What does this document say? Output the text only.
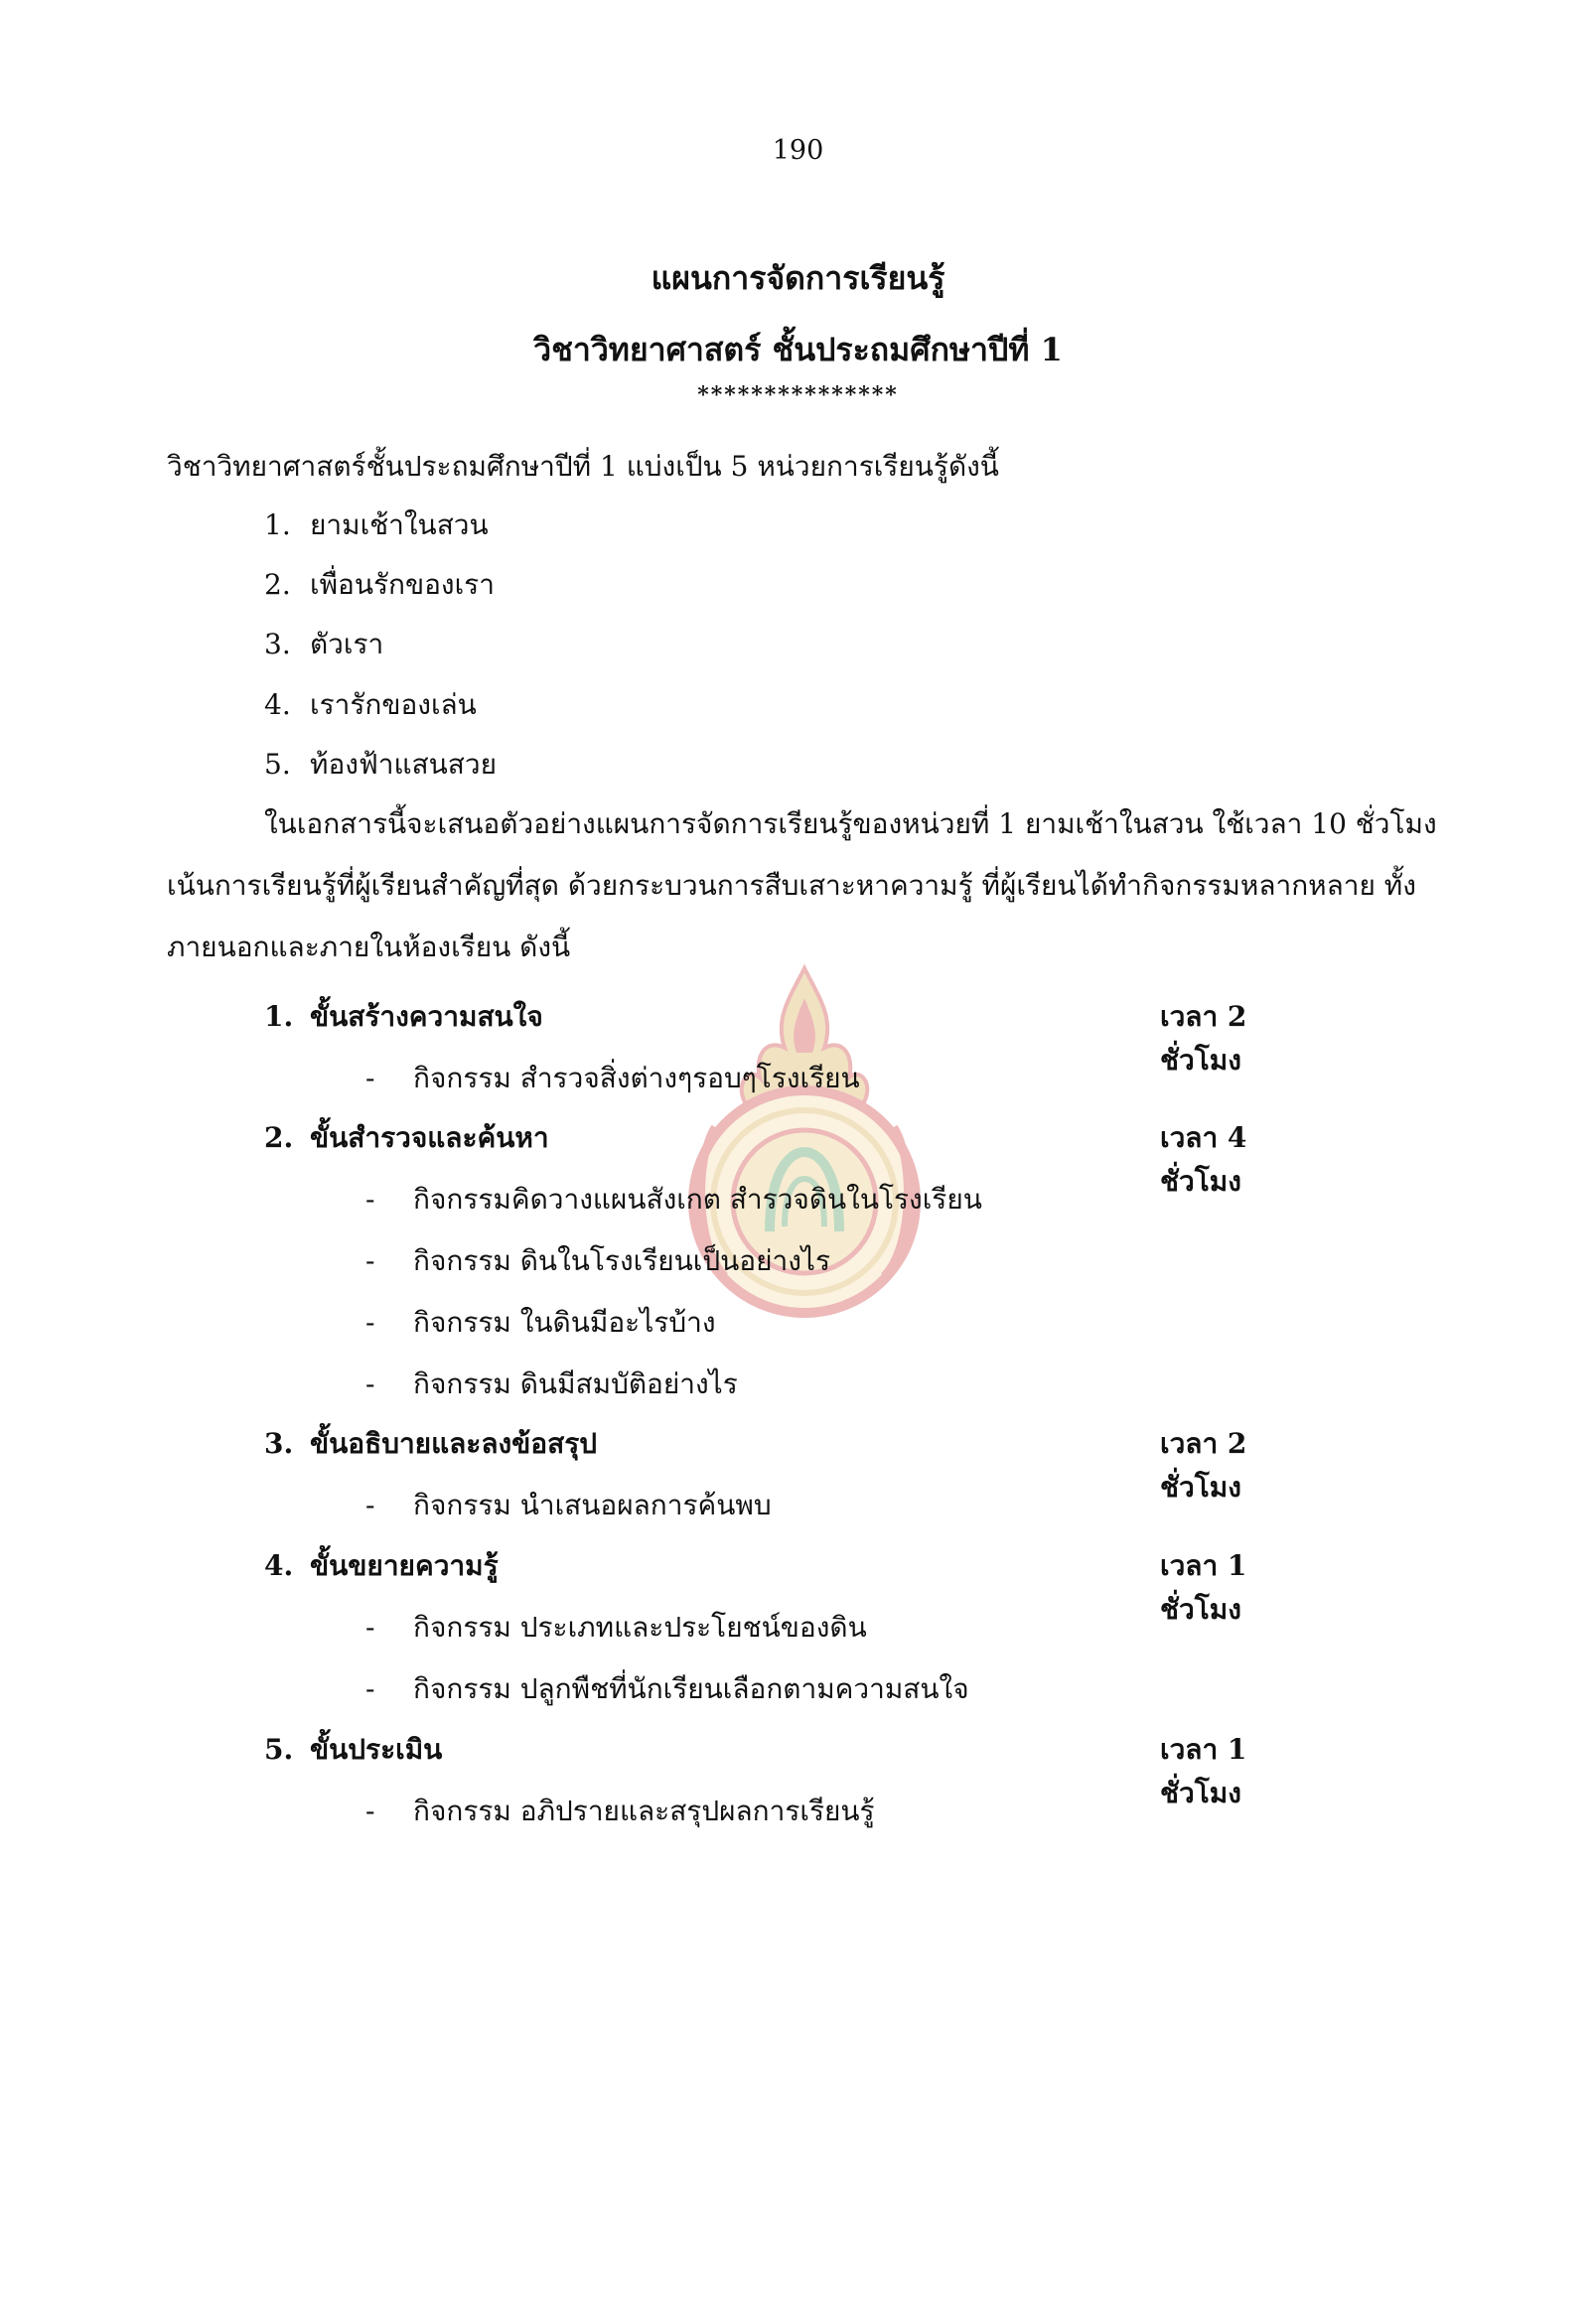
190
แผนการจัดการเรียนรู้
วิชาวิทยาศาสตร์ ชั้นประถมศึกษาปีที่ 1
***************
วิชาวิทยาศาสตร์ชั้นประถมศึกษาปีที่ 1 แบ่งเป็น 5 หน่วยการเรียนรู้ดังนี้
1. ยามเช้าในสวน
2. เพื่อนรักของเรา
3. ตัวเรา
4. เรารักของเล่น
5. ท้องฟ้าแสนสวย
ในเอกสารนี้จะเสนอตัวอย่างแผนการจัดการเรียนรู้ของหน่วยที่ 1 ยามเช้าในสวน ใช้เวลา 10 ชั่วโมง
เน้นการเรียนรู้ที่ผู้เรียนสำคัญที่สุด ด้วยกระบวนการสืบเสาะหาความรู้ ที่ผู้เรียนได้ทำกิจกรรมหลากหลาย ทั้ง
ภายนอกและภายในห้องเรียน ดังนี้
1. ขั้นสร้างความสนใจ	เวลา 2 ชั่วโมง
- กิจกรรม สำรวจสิ่งต่างๆรอบๆโรงเรียน
2. ขั้นสำรวจและค้นหา	เวลา 4 ชั่วโมง
- กิจกรรมคิดวางแผนสังเกต สำรวจดินในโรงเรียน
- กิจกรรม ดินในโรงเรียนเป็นอย่างไร
- กิจกรรม ในดินมีอะไรบ้าง
- กิจกรรม ดินมีสมบัติอย่างไร
3. ขั้นอธิบายและลงข้อสรุป	เวลา 2 ชั่วโมง
- กิจกรรม นำเสนอผลการค้นพบ
4. ขั้นขยายความรู้	เวลา 1 ชั่วโมง
- กิจกรรม ประเภทและประโยชน์ของดิน
- กิจกรรม ปลูกพืชที่นักเรียนเลือกตามความสนใจ
5. ขั้นประเมิน	เวลา 1 ชั่วโมง
- กิจกรรม อภิปรายและสรุปผลการเรียนรู้
